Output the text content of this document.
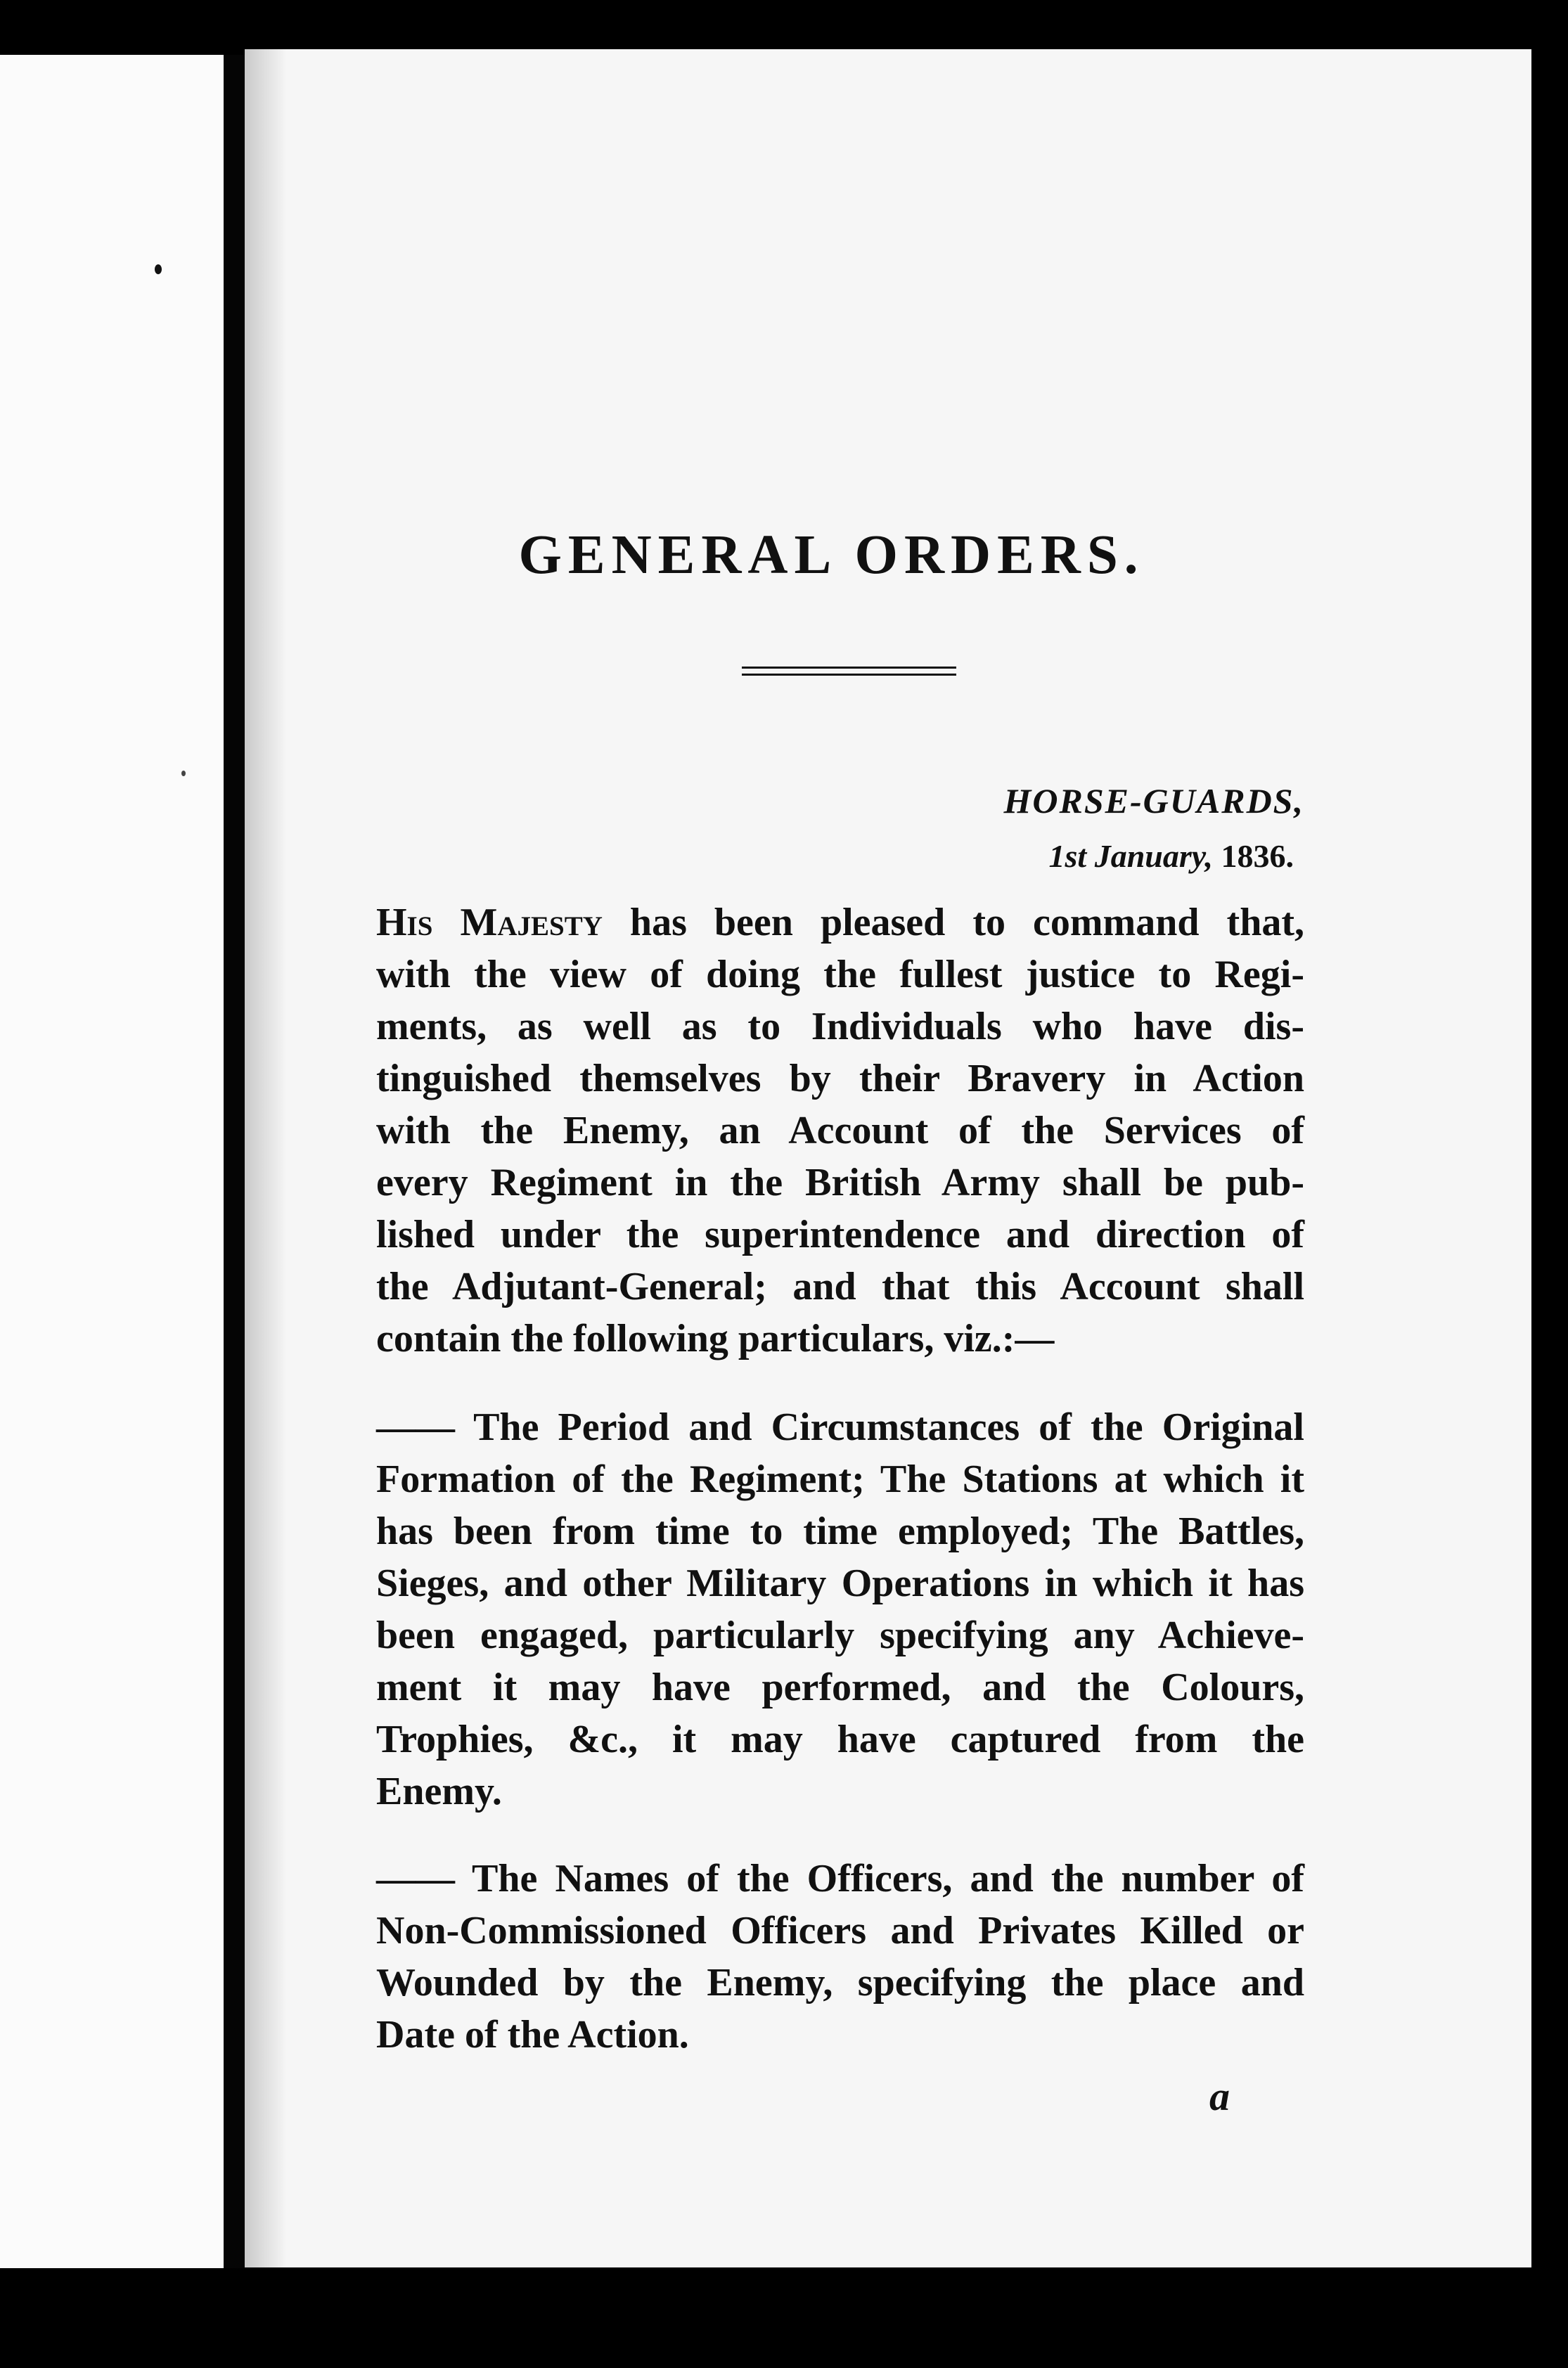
GENERAL ORDERS.
HORSE-GUARDS,
1st January, 1836.
His Majesty has been pleased to command that,
with the view of doing the fullest justice to Regi-
ments, as well as to Individuals who have dis-
tinguished themselves by their Bravery in Action
with the Enemy, an Account of the Services of
every Regiment in the British Army shall be pub-
lished under the superintendence and direction of
the Adjutant-General; and that this Account shall
contain the following particulars, viz.:—
—— The Period and Circumstances of the Original
Formation of the Regiment; The Stations at which it
has been from time to time employed; The Battles,
Sieges, and other Military Operations in which it has
been engaged, particularly specifying any Achieve-
ment it may have performed, and the Colours,
Trophies, &c., it may have captured from the
Enemy.
—— The Names of the Officers, and the number of
Non-Commissioned Officers and Privates Killed or
Wounded by the Enemy, specifying the place and
Date of the Action.
a
